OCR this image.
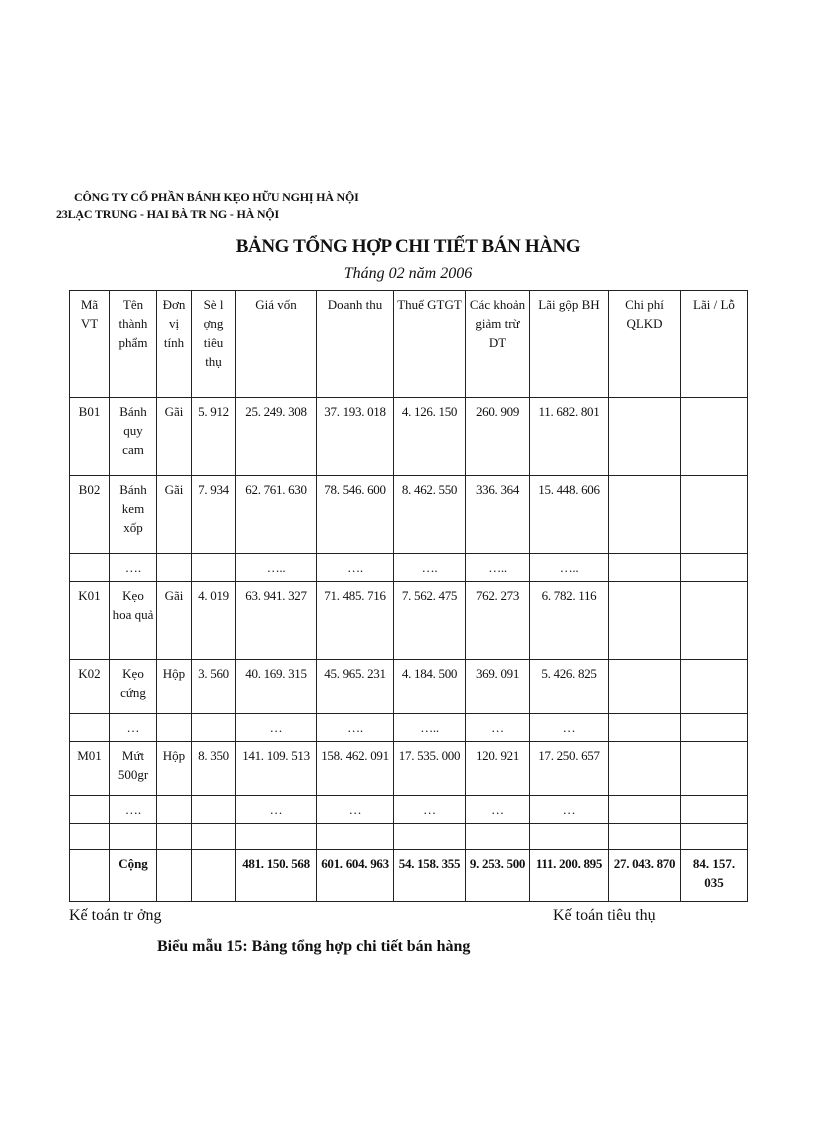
CÔNG TY CỔ PHẦN BÁNH KẸO HỮU NGHỊ HÀ NỘI
23LẠC TRUNG - HAI BÀ TR NG - HÀ NỘI
BẢNG TỔNG HỢP CHI TIẾT BÁN HÀNG
Tháng 02 năm 2006
Mã VT	Tên thành phẩm	Đơn vị tính	Sè l ợng tiêu thụ	Giá vốn	Doanh thu	Thuế GTGT	Các khoản giảm trừ DT	Lãi gộp BH	Chi phí QLKD	Lãi / Lỗ
B01	Bánh quy cam	Gãi	5. 912	25. 249. 308	37. 193. 018	4. 126. 150	260. 909	11. 682. 801		
B02	Bánh kem xốp	Gãi	7. 934	62. 761. 630	78. 546. 600	8. 462. 550	336. 364	15. 448. 606		
	….			…..	….	….	…..	…..		
K01	Kẹo hoa quả	Gãi	4. 019	63. 941. 327	71. 485. 716	7. 562. 475	762. 273	6. 782. 116		
K02	Kẹo cứng	Hộp	3. 560	40. 169. 315	45. 965. 231	4. 184. 500	369. 091	5. 426. 825		
	…			…	….	…..	…	…		
M01	Mứt 500gr	Hộp	8. 350	141. 109. 513	158. 462. 091	17. 535. 000	120. 921	17. 250. 657		
	….			…	…	…	…	…		

	Cộng			481. 150. 568	601. 604. 963	54. 158. 355	9. 253. 500	111. 200. 895	27. 043. 870	84. 157. 035
Kế toán tr ởng	Kế toán tiêu thụ
Biểu mẫu 15: Bảng tổng hợp chi tiết bán hàng
